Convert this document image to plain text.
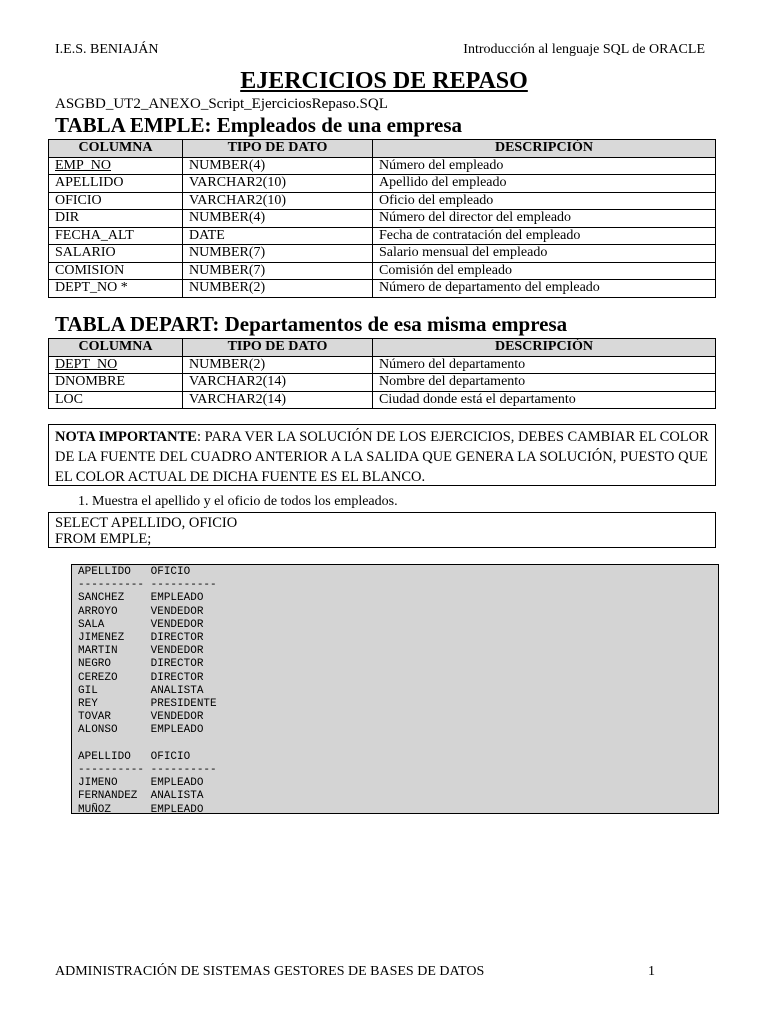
I.E.S. BENIAJÁN	Introducción al lenguaje SQL de ORACLE
EJERCICIOS DE REPASO
ASGBD_UT2_ANEXO_Script_EjerciciosRepaso.SQL
TABLA EMPLE: Empleados de una empresa
COLUMNA	TIPO DE DATO	DESCRIPCIÓN
EMP_NO	NUMBER(4)	Número del empleado
APELLIDO	VARCHAR2(10)	Apellido del empleado
OFICIO	VARCHAR2(10)	Oficio del empleado
DIR	NUMBER(4)	Número del director del empleado
FECHA_ALT	DATE	Fecha de contratación del empleado
SALARIO	NUMBER(7)	Salario mensual del empleado
COMISION	NUMBER(7)	Comisión del empleado
DEPT_NO *	NUMBER(2)	Número de departamento del empleado
TABLA DEPART: Departamentos de esa misma empresa
COLUMNA	TIPO DE DATO	DESCRIPCIÓN
DEPT_NO	NUMBER(2)	Número del departamento
DNOMBRE	VARCHAR2(14)	Nombre del departamento
LOC	VARCHAR2(14)	Ciudad donde está el departamento
NOTA IMPORTANTE: PARA VER LA SOLUCIÓN DE LOS EJERCICIOS, DEBES CAMBIAR EL COLOR DE LA FUENTE DEL CUADRO ANTERIOR A LA SALIDA QUE GENERA LA SOLUCIÓN, PUESTO QUE EL COLOR ACTUAL DE DICHA FUENTE ES EL BLANCO.
1. Muestra el apellido y el oficio de todos los empleados.
SELECT APELLIDO, OFICIO
FROM EMPLE;
APELLIDO   OFICIO
---------- ----------
SANCHEZ    EMPLEADO
ARROYO     VENDEDOR
SALA       VENDEDOR
JIMENEZ    DIRECTOR
MARTIN     VENDEDOR
NEGRO      DIRECTOR
CEREZO     DIRECTOR
GIL        ANALISTA
REY        PRESIDENTE
TOVAR      VENDEDOR
ALONSO     EMPLEADO

APELLIDO   OFICIO
---------- ----------
JIMENO     EMPLEADO
FERNANDEZ  ANALISTA
MUÑOZ      EMPLEADO
ADMINISTRACIÓN DE SISTEMAS GESTORES DE BASES DE DATOS	1
